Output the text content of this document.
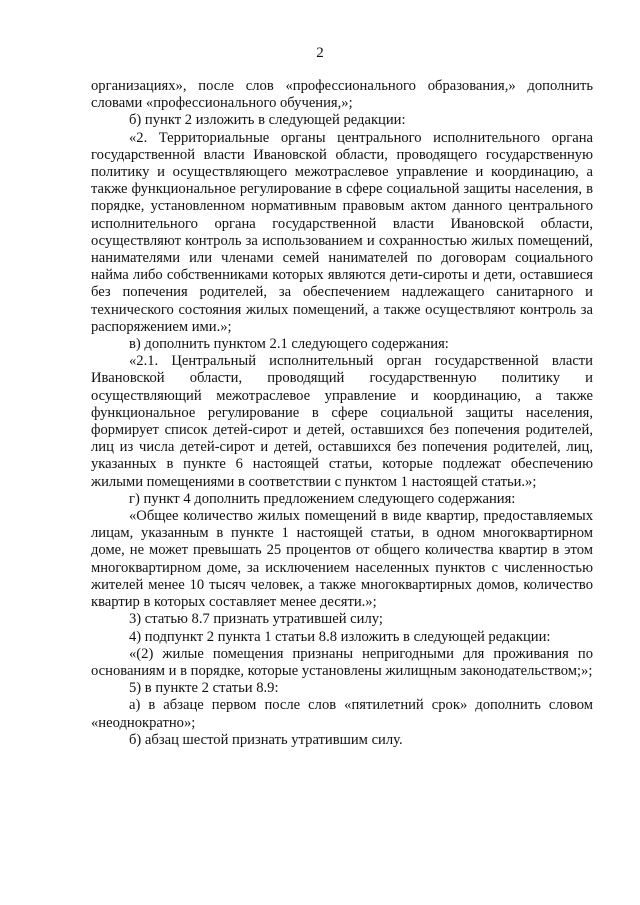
2

организациях», после слов «профессионального образования,» дополнить словами «профессионального обучения,»;

б) пункт 2 изложить в следующей редакции:

«2. Территориальные органы центрального исполнительного органа государственной власти Ивановской области, проводящего государственную политику и осуществляющего межотраслевое управление и координацию, а также функциональное регулирование в сфере социальной защиты населения, в порядке, установленном нормативным правовым актом данного центрального исполнительного органа государственной власти Ивановской области, осуществляют контроль за использованием и сохранностью жилых помещений, нанимателями или членами семей нанимателей по договорам социального найма либо собственниками которых являются дети-сироты и дети, оставшиеся без попечения родителей, за обеспечением надлежащего санитарного и технического состояния жилых помещений, а также осуществляют контроль за распоряжением ими.»;

в) дополнить пунктом 2.1 следующего содержания:

«2.1. Центральный исполнительный орган государственной власти Ивановской области, проводящий государственную политику и осуществляющий межотраслевое управление и координацию, а также функциональное регулирование в сфере социальной защиты населения, формирует список детей-сирот и детей, оставшихся без попечения родителей, лиц из числа детей-сирот и детей, оставшихся без попечения родителей, лиц, указанных в пункте 6 настоящей статьи, которые подлежат обеспечению жилыми помещениями в соответствии с пунктом 1 настоящей статьи.»;

г) пункт 4 дополнить предложением следующего содержания:

«Общее количество жилых помещений в виде квартир, предоставляемых лицам, указанным в пункте 1 настоящей статьи, в одном многоквартирном доме, не может превышать 25 процентов от общего количества квартир в этом многоквартирном доме, за исключением населенных пунктов с численностью жителей менее 10 тысяч человек, а также многоквартирных домов, количество квартир в которых составляет менее десяти.»;

3) статью 8.7 признать утратившей силу;

4) подпункт 2 пункта 1 статьи 8.8 изложить в следующей редакции:

«(2) жилые помещения признаны непригодными для проживания по основаниям и в порядке, которые установлены жилищным законодательством;»;

5) в пункте 2 статьи 8.9:

а) в абзаце первом после слов «пятилетний срок» дополнить словом «неоднократно»;

б) абзац шестой признать утратившим силу.
